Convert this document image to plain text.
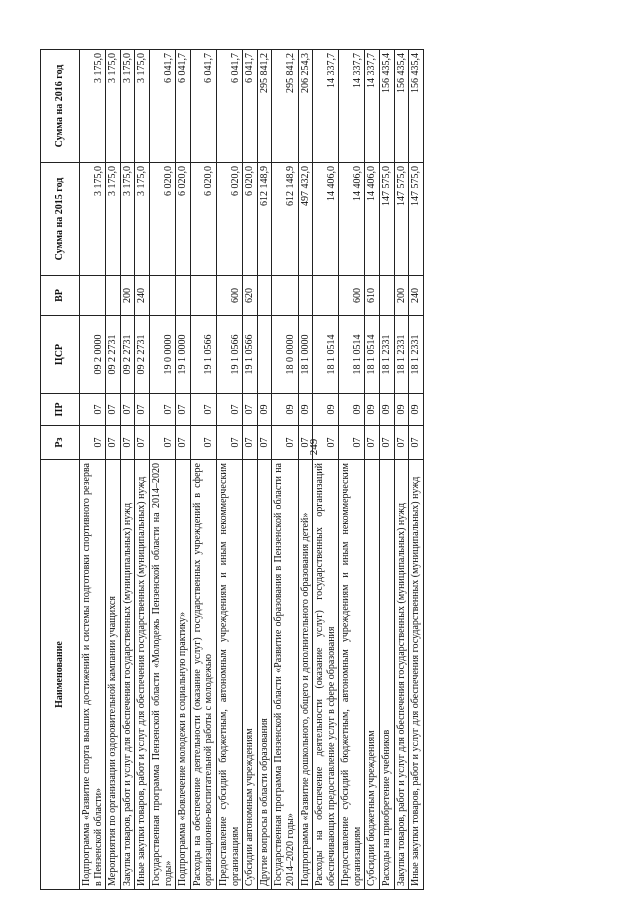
249
Наименование	Рз	ПР	ЦСР	ВР	Сумма на 2015 год	Сумма на 2016 год
Подпрограмма «Развитие спорта высших достижений и системы подготовки спортивного резерва в Пензенской области»	07	07	09 2 0000		3 175,0	3 175,0
Мероприятия по организации оздоровительной кампании учащихся	07	07	09 2 2731		3 175,0	3 175,0
Закупка товаров, работ и услуг для обеспечения государственных (муниципальных) нужд	07	07	09 2 2731	200	3 175,0	3 175,0
Иные закупки товаров, работ и услуг для обеспечения государственных (муниципальных) нужд	07	07	09 2 2731	240	3 175,0	3 175,0
Государственная программа Пензенской области «Молодежь Пензенской области на 2014–2020 годы»	07	07	19 0 0000		6 020,0	6 041,7
Подпрограмма «Вовлечение молодежи в социальную практику»	07	07	19 1 0000		6 020,0	6 041,7
Расходы на обеспечение деятельности (оказание услуг) государственных учреждений в сфере организационно-воспитательной работы с молодежью	07	07	19 1 0566		6 020,0	6 041,7
Предоставление субсидий бюджетным, автономным учреждениям и иным некоммерческим организациям	07	07	19 1 0566	600	6 020,0	6 041,7
Субсидии автономным учреждениям	07	07	19 1 0566	620	6 020,0	6 041,7
Другие вопросы в области образования	07	09			612 148,9	295 841,2
Государственная программа Пензенской области «Развитие образования в Пензенской области на 2014–2020 годы»	07	09	18 0 0000		612 148,9	295 841,2
Подпрограмма «Развитие дошкольного, общего и дополнительного образования детей»	07	09	18 1 0000		497 432,0	206 254,3
Расходы на обеспечение деятельности (оказание услуг) государственных организаций обеспечивающих предоставление услуг в сфере образования	07	09	18 1 0514		14 406,0	14 337,7
Предоставление субсидий бюджетным, автономным учреждениям и иным некоммерческим организациям	07	09	18 1 0514	600	14 406,0	14 337,7
Субсидии бюджетным учреждениям	07	09	18 1 0514	610	14 406,0	14 337,7
Расходы на приобретение учебников	07	09	18 1 2331		147 575,0	156 435,4
Закупка товаров, работ и услуг для обеспечения государственных (муниципальных) нужд	07	09	18 1 2331	200	147 575,0	156 435,4
Иные закупки товаров, работ и услуг для обеспечения государственных (муниципальных) нужд	07	09	18 1 2331	240	147 575,0	156 435,4
